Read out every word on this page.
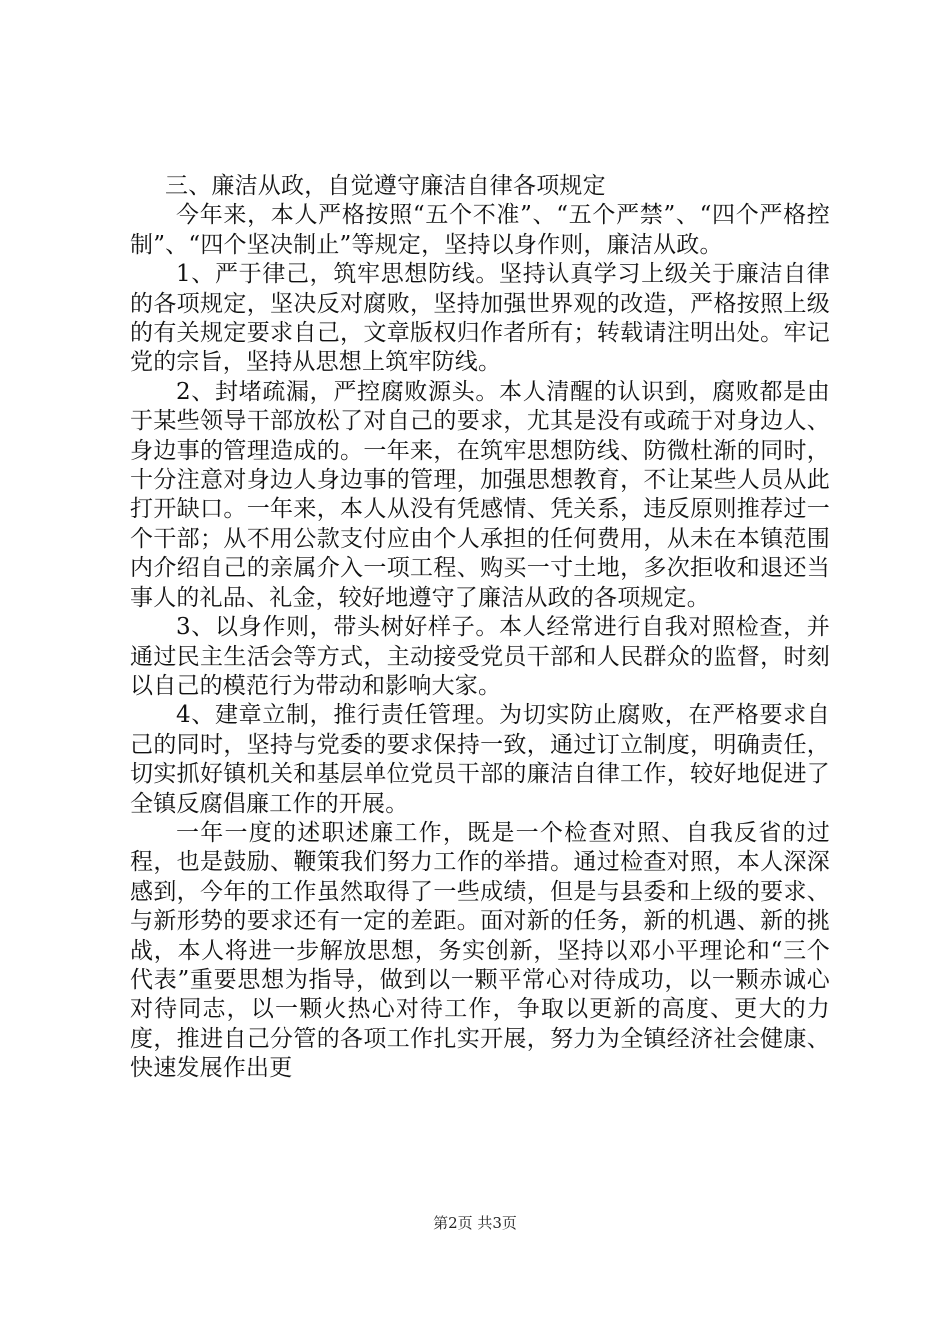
三、廉洁从政，自觉遵守廉洁自律各项规定

今年来，本人严格按照“五个不准”、“五个严禁”、“四个严格控制”、“四个坚决制止”等规定，坚持以身作则，廉洁从政。

1、严于律己，筑牢思想防线。坚持认真学习上级关于廉洁自律的各项规定，坚决反对腐败，坚持加强世界观的改造，严格按照上级的有关规定要求自己，文章版权归作者所有；转载请注明出处。牢记党的宗旨，坚持从思想上筑牢防线。

2、封堵疏漏，严控腐败源头。本人清醒的认识到，腐败都是由于某些领导干部放松了对自己的要求，尤其是没有或疏于对身边人、身边事的管理造成的。一年来，在筑牢思想防线、防微杜渐的同时，十分注意对身边人身边事的管理，加强思想教育，不让某些人员从此打开缺口。一年来，本人从没有凭感情、凭关系，违反原则推荐过一个干部；从不用公款支付应由个人承担的任何费用，从未在本镇范围内介绍自己的亲属介入一项工程、购买一寸土地，多次拒收和退还当事人的礼品、礼金，较好地遵守了廉洁从政的各项规定。

3、以身作则，带头树好样子。本人经常进行自我对照检查，并通过民主生活会等方式，主动接受党员干部和人民群众的监督，时刻以自己的模范行为带动和影响大家。

4、建章立制，推行责任管理。为切实防止腐败，在严格要求自己的同时，坚持与党委的要求保持一致，通过订立制度，明确责任，切实抓好镇机关和基层单位党员干部的廉洁自律工作，较好地促进了全镇反腐倡廉工作的开展。

一年一度的述职述廉工作，既是一个检查对照、自我反省的过程，也是鼓励、鞭策我们努力工作的举措。通过检查对照，本人深深感到，今年的工作虽然取得了一些成绩，但是与县委和上级的要求、与新形势的要求还有一定的差距。面对新的任务，新的机遇、新的挑战，本人将进一步解放思想，务实创新，坚持以邓小平理论和“三个代表”重要思想为指导，做到以一颗平常心对待成功，以一颗赤诚心对待同志，以一颗火热心对待工作，争取以更新的高度、更大的力度，推进自己分管的各项工作扎实开展，努力为全镇经济社会健康、快速发展作出更

第2页 共3页
